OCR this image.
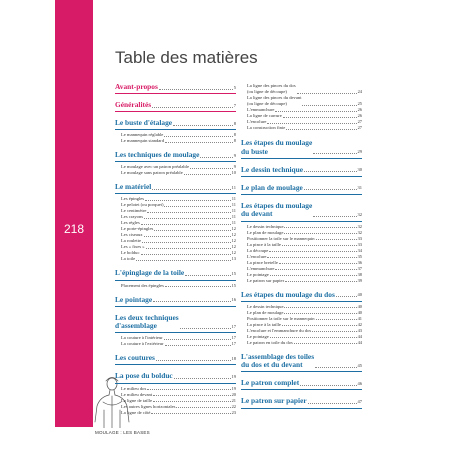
218
MOULAGE : LES BASES
Table des matières
Avant-propos	5
Généralités	7
Le buste d'étalage	8
Le mannequin réglable	8
Le mannequin standard	8
Les techniques de moulage	9
Le moulage avec un patron préalable	9
Le moulage sans patron préalable	10
Le matériel	11
Les épingles	11
Le pelotet (ou porquet)	11
Le centimètre	11
Les crayons	11
Les règles	11
Le porte-épingles	12
Les ciseaux	12
La roulette	12
Les « fixes »	12
Le bolduc	12
La toile	13
L'épinglage de la toile	15
Placement des épingles	15
Le pointage	16
Les deux techniques
d'assemblage	17
La couture à l'intérieur	17
La couture à l'extérieur	17
Les coutures	18
La pose du bolduc	19
Le milieu dos	19
Le milieu devant	20
La ligne de taille	21
Les autres lignes horizontales	22
La ligne de côté	23
La ligne des pinces du dos
(ou ligne de découpe)	24
La ligne des pinces du devant
(ou ligne de découpe)	25
L'emmanchure	26
La ligne de carrure	26
L'encolure	27
La construction finie	27
Les étapes du moulage
du buste	29
Le dessin technique	30
Le plan de moulage	31
Les étapes du moulage
du devant	32
Le dessin technique	32
Le plan de moulage	32
Positionner la toile sur le mannequin	33
La pince à la taille	33
La découpe	34
L'encolure	35
La pince bretelle	36
L'emmanchure	37
Le pointage	38
Le patron sur papier	39
Les étapes du moulage du dos	40
Le dessin technique	40
Le plan de moulage	40
Positionner la toile sur le mannequin	41
La pince à la taille	42
L'encolure et l'emmanchure du dos	43
Le pointage	44
Le patron en toile du dos	44
L'assemblage des toiles
du dos et du devant	45
Le patron complet	46
Le patron sur papier	47
